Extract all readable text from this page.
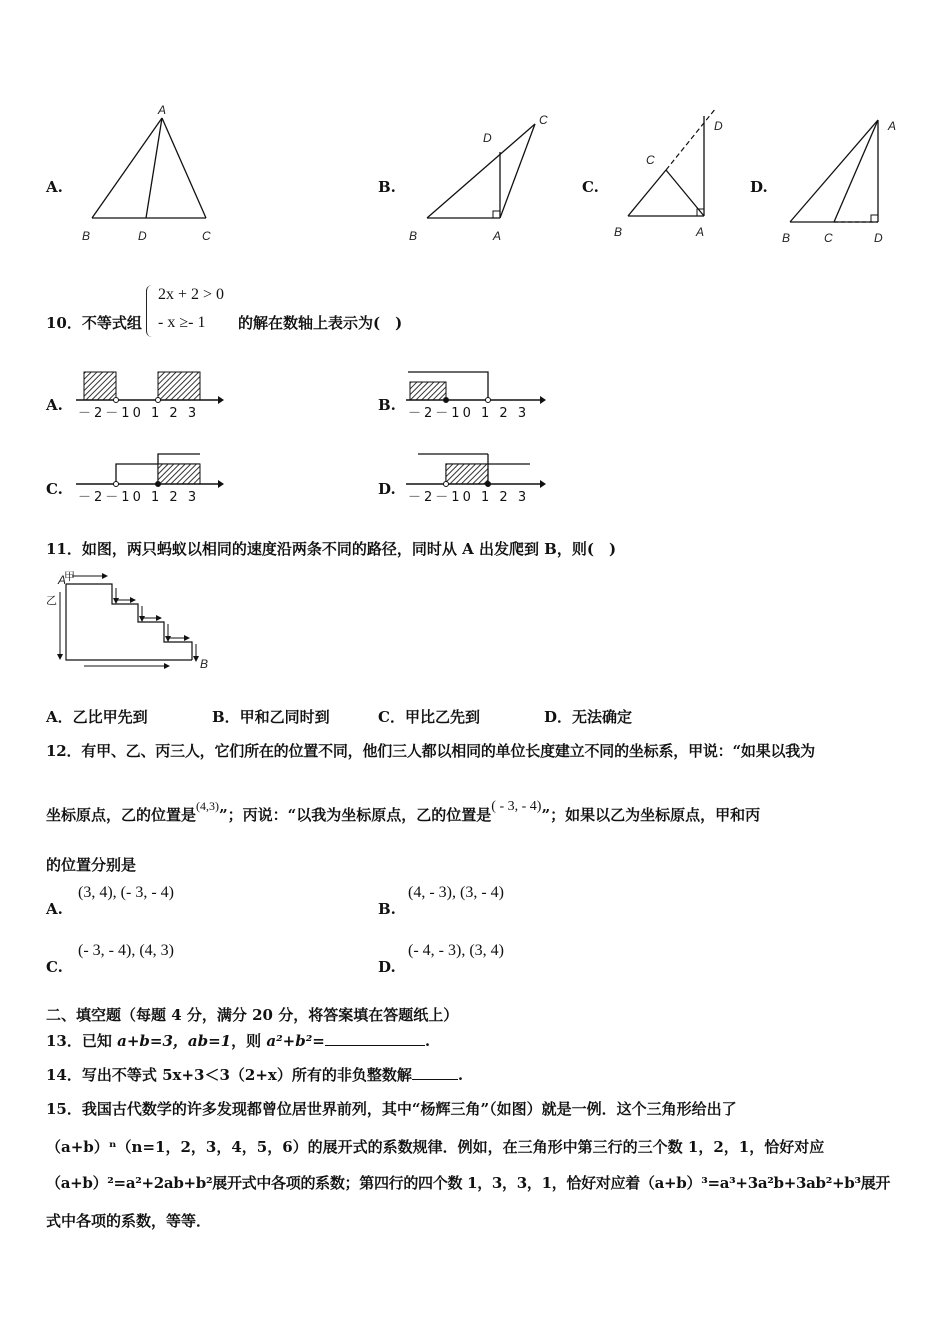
A.
A
B	D	C
B.
C
D
B	A
C.
D
C
B	A
D.
A
B	C	D
10．不等式组
2x + 2 > 0
- x ≥- 1 的解在数轴上表示为(　)
A. －2－10 1 2 3	B. －2－10 1 2 3
C. －2－10 1 2 3	D. －2－10 1 2 3
11．如图，两只蚂蚁以相同的速度沿两条不同的路径，同时从 A 出发爬到 B，则(　)
甲
乙
A
B
A．乙比甲先到	B．甲和乙同时到	C．甲比乙先到	D．无法确定
12．有甲、乙、丙三人，它们所在的位置不同，他们三人都以相同的单位长度建立不同的坐标系，甲说：“如果以我为
坐标原点，乙的位置是$^{(4,3)}$”；丙说：“以我为坐标原点，乙的位置是( - 3, - 4)”；如果以乙为坐标原点，甲和丙
的位置分别是
A.
(3, 4), (- 3, - 4)
B.
(4, - 3), (3, - 4)
C.
(- 3, - 4), (4, 3)
D.
(- 4, - 3), (3, 4)
二、填空题（每题 4 分，满分 20 分，将答案填在答题纸上）
13．已知 a+b=3，ab=1，则 a²+b²=	.
14．写出不等式 5x+3＜3（2+x）所有的非负整数解	.
15．我国古代数学的许多发现都曾位居世界前列，其中“杨辉三角”（如图）就是一例．这个三角形给出了
（a+b）ⁿ（n=1，2，3，4，5，6）的展开式的系数规律．例如，在三角形中第三行的三个数 1，2，1，恰好对应
（a+b）²=a²+2ab+b²展开式中各项的系数；第四行的四个数 1，3，3，1，恰好对应着（a+b）³=a³+3a²b+3ab²+b³展开
式中各项的系数，等等．
